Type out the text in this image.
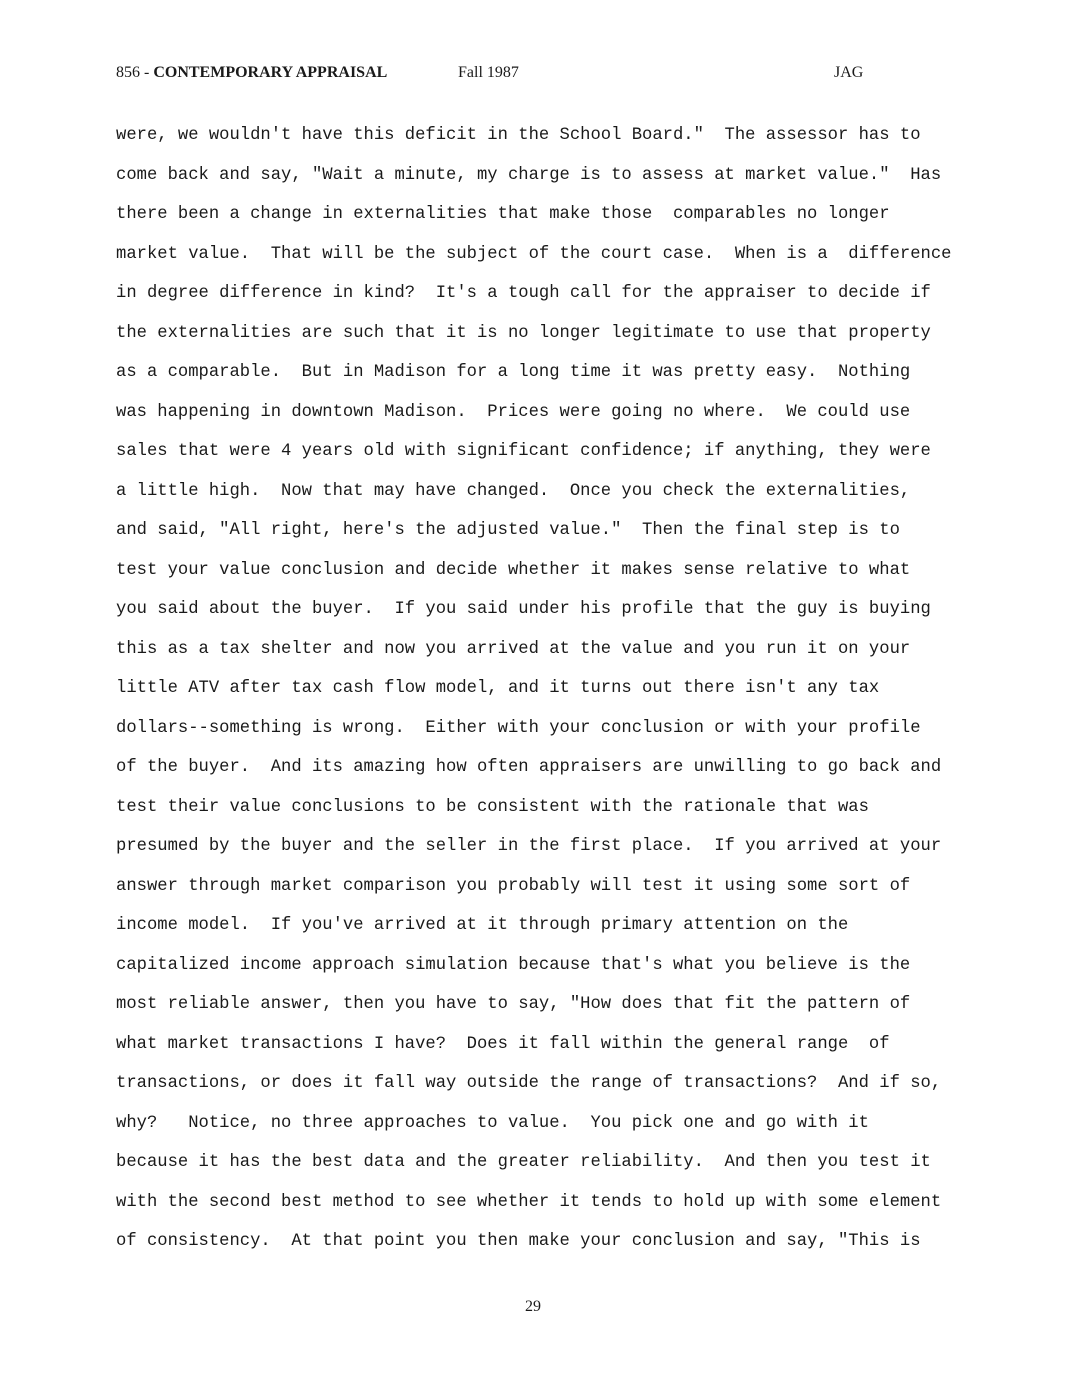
856 - CONTEMPORARY APPRAISAL	Fall 1987	JAG
were, we wouldn't have this deficit in the School Board."  The assessor has to
come back and say, "Wait a minute, my charge is to assess at market value."  Has
there been a change in externalities that make those  comparables no longer
market value.  That will be the subject of the court case.  When is a  difference
in degree difference in kind?  It's a tough call for the appraiser to decide if
the externalities are such that it is no longer legitimate to use that property
as a comparable.  But in Madison for a long time it was pretty easy.  Nothing
was happening in downtown Madison.  Prices were going no where.  We could use
sales that were 4 years old with significant confidence; if anything, they were
a little high.  Now that may have changed.  Once you check the externalities,
and said, "All right, here's the adjusted value."  Then the final step is to
test your value conclusion and decide whether it makes sense relative to what
you said about the buyer.  If you said under his profile that the guy is buying
this as a tax shelter and now you arrived at the value and you run it on your
little ATV after tax cash flow model, and it turns out there isn't any tax
dollars--something is wrong.  Either with your conclusion or with your profile
of the buyer.  And its amazing how often appraisers are unwilling to go back and
test their value conclusions to be consistent with the rationale that was
presumed by the buyer and the seller in the first place.  If you arrived at your
answer through market comparison you probably will test it using some sort of
income model.  If you've arrived at it through primary attention on the
capitalized income approach simulation because that's what you believe is the
most reliable answer, then you have to say, "How does that fit the pattern of
what market transactions I have?  Does it fall within the general range  of
transactions, or does it fall way outside the range of transactions?  And if so,
why?   Notice, no three approaches to value.  You pick one and go with it
because it has the best data and the greater reliability.  And then you test it
with the second best method to see whether it tends to hold up with some element
of consistency.  At that point you then make your conclusion and say, "This is
29
